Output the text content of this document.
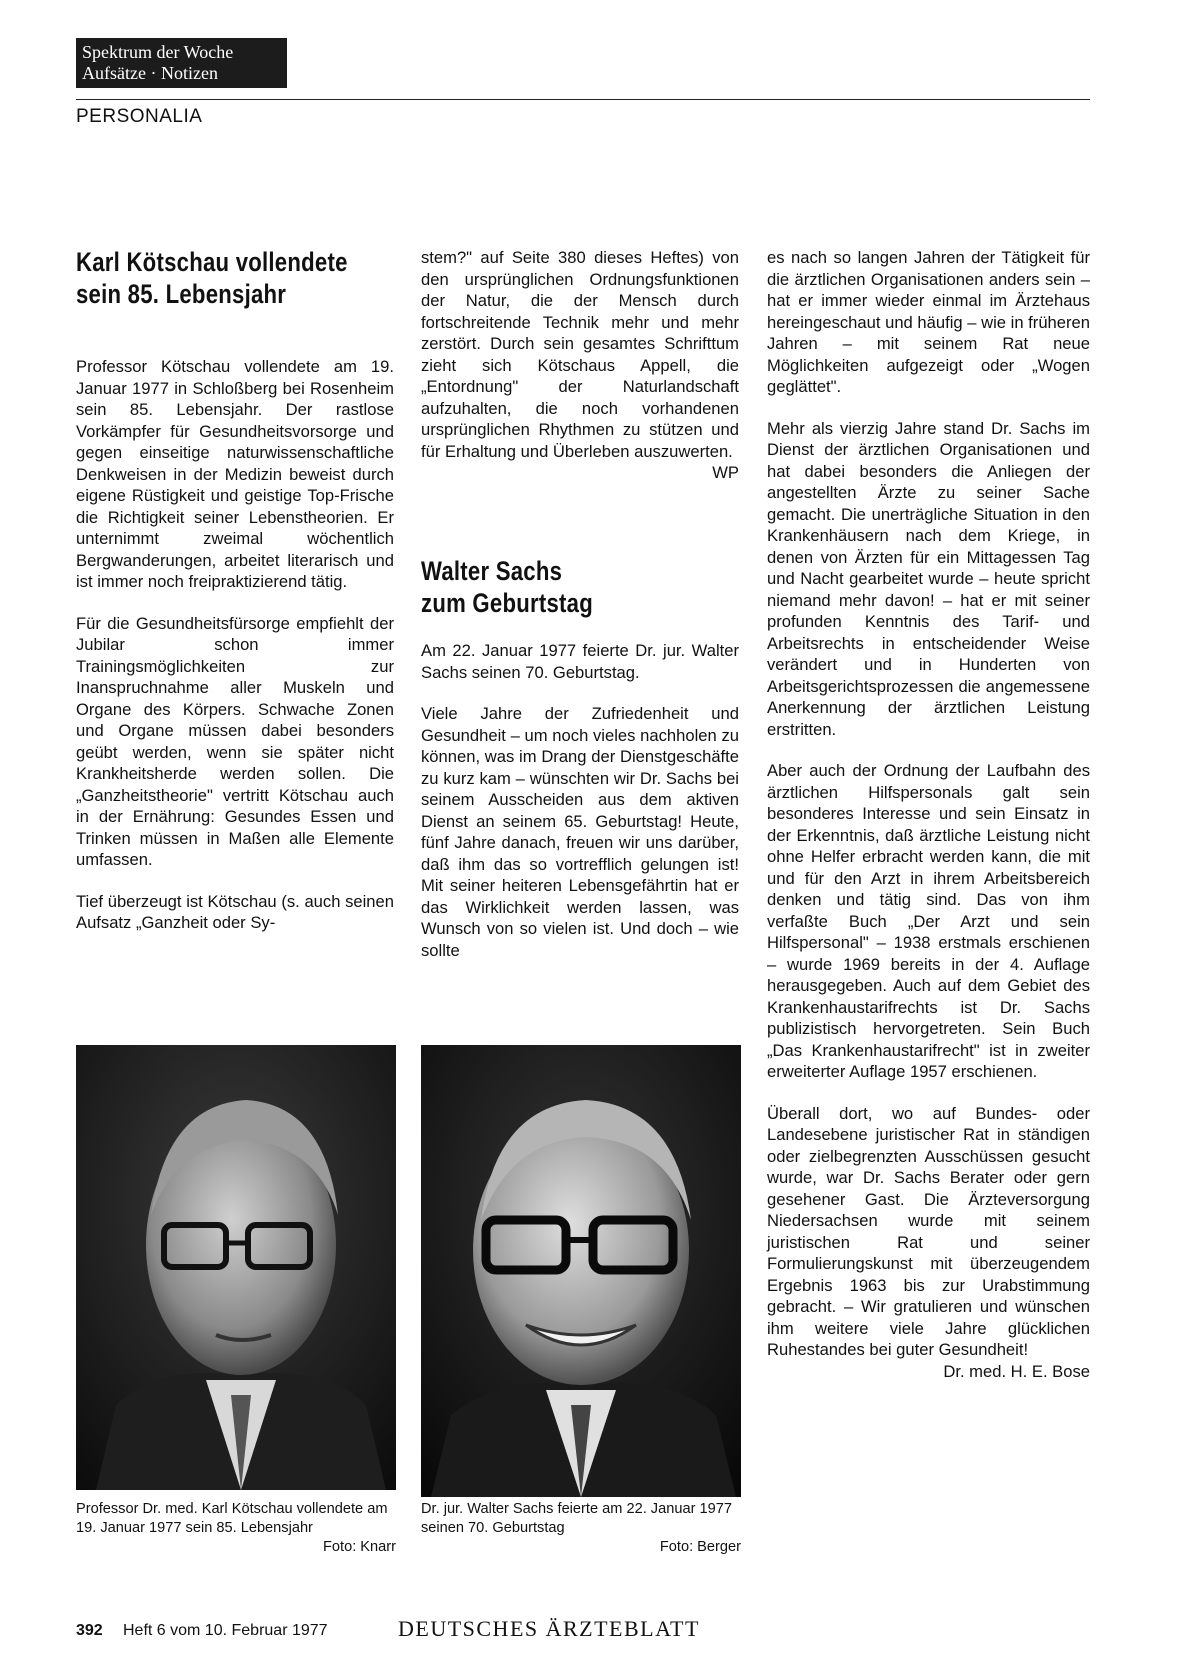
Spektrum der Woche
Aufsätze · Notizen
PERSONALIA
Karl Kötschau vollendete
sein 85. Lebensjahr

Professor Kötschau vollendete am 19. Januar 1977 in Schloßberg bei Rosenheim sein 85. Lebensjahr. Der rastlose Vorkämpfer für Gesundheitsvorsorge und gegen einseitige naturwissenschaftliche Denkweisen in der Medizin beweist durch eigene Rüstigkeit und geistige Top-Frische die Richtigkeit seiner Lebenstheorien. Er unternimmt zweimal wöchentlich Bergwanderungen, arbeitet literarisch und ist immer noch freipraktizierend tätig.

Für die Gesundheitsfürsorge empfiehlt der Jubilar schon immer Trainingsmöglichkeiten zur Inanspruchnahme aller Muskeln und Organe des Körpers. Schwache Zonen und Organe müssen dabei besonders geübt werden, wenn sie später nicht Krankheitsherde werden sollen. Die „Ganzheitstheorie" vertritt Kötschau auch in der Ernährung: Gesundes Essen und Trinken müssen in Maßen alle Elemente umfassen.

Tief überzeugt ist Kötschau (s. auch seinen Aufsatz „Ganzheit oder Sy-

stem?" auf Seite 380 dieses Heftes) von den ursprünglichen Ordnungsfunktionen der Natur, die der Mensch durch fortschreitende Technik mehr und mehr zerstört. Durch sein gesamtes Schrifttum zieht sich Kötschaus Appell, die „Entordnung" der Naturlandschaft aufzuhalten, die noch vorhandenen ursprünglichen Rhythmen zu stützen und für Erhaltung und Überleben auszuwerten.

WP
Walter Sachs
zum Geburtstag

Am 22. Januar 1977 feierte Dr. jur. Walter Sachs seinen 70. Geburtstag.

Viele Jahre der Zufriedenheit und Gesundheit – um noch vieles nachholen zu können, was im Drang der Dienstgeschäfte zu kurz kam – wünschten wir Dr. Sachs bei seinem Ausscheiden aus dem aktiven Dienst an seinem 65. Geburtstag! Heute, fünf Jahre danach, freuen wir uns darüber, daß ihm das so vortrefflich gelungen ist! Mit seiner heiteren Lebensgefährtin hat er das Wirklichkeit werden lassen, was Wunsch von so vielen ist. Und doch – wie sollte

es nach so langen Jahren der Tätigkeit für die ärztlichen Organisationen anders sein – hat er immer wieder einmal im Ärztehaus hereingeschaut und häufig – wie in früheren Jahren – mit seinem Rat neue Möglichkeiten aufgezeigt oder „Wogen geglättet".

Mehr als vierzig Jahre stand Dr. Sachs im Dienst der ärztlichen Organisationen und hat dabei besonders die Anliegen der angestellten Ärzte zu seiner Sache gemacht. Die unerträgliche Situation in den Krankenhäusern nach dem Kriege, in denen von Ärzten für ein Mittagessen Tag und Nacht gearbeitet wurde – heute spricht niemand mehr davon! – hat er mit seiner profunden Kenntnis des Tarif- und Arbeitsrechts in entscheidender Weise verändert und in Hunderten von Arbeitsgerichtsprozessen die angemessene Anerkennung der ärztlichen Leistung erstritten.

Aber auch der Ordnung der Laufbahn des ärztlichen Hilfspersonals galt sein besonderes Interesse und sein Einsatz in der Erkenntnis, daß ärztliche Leistung nicht ohne Helfer erbracht werden kann, die mit und für den Arzt in ihrem Arbeitsbereich denken und tätig sind. Das von ihm verfaßte Buch „Der Arzt und sein Hilfspersonal" – 1938 erstmals erschienen – wurde 1969 bereits in der 4. Auflage herausgegeben. Auch auf dem Gebiet des Krankenhaustarifrechts ist Dr. Sachs publizistisch hervorgetreten. Sein Buch „Das Krankenhaustarifrecht" ist in zweiter erweiterter Auflage 1957 erschienen.

Überall dort, wo auf Bundes- oder Landesebene juristischer Rat in ständigen oder zielbegrenzten Ausschüssen gesucht wurde, war Dr. Sachs Berater oder gern gesehener Gast. Die Ärzteversorgung Niedersachsen wurde mit seinem juristischen Rat und seiner Formulierungskunst mit überzeugendem Ergebnis 1963 bis zur Urabstimmung gebracht. – Wir gratulieren und wünschen ihm weitere viele Jahre glücklichen Ruhestandes bei guter Gesundheit!

Dr. med. H. E. Bose
Professor Dr. med. Karl Kötschau vollendete am 19. Januar 1977 sein 85. Lebensjahr
Foto: Knarr
Dr. jur. Walter Sachs feierte am 22. Januar 1977 seinen 70. Geburtstag
Foto: Berger
392 Heft 6 vom 10. Februar 1977	DEUTSCHES ÄRZTEBLATT
